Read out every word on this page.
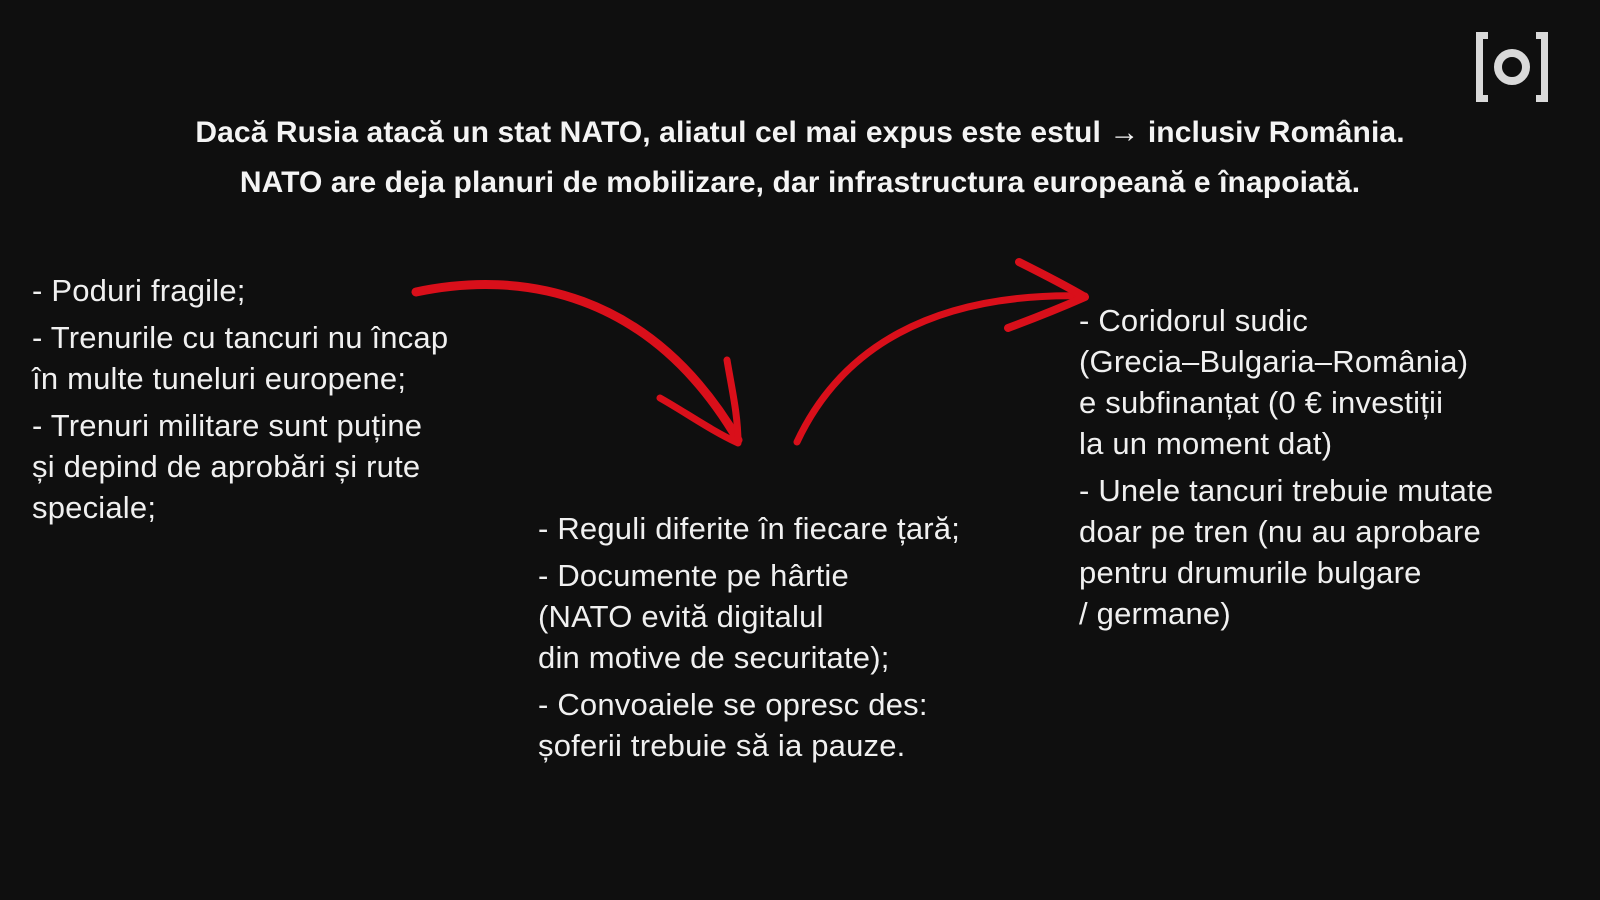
Dacă Rusia atacă un stat NATO, aliatul cel mai expus este estul → inclusiv România.
NATO are deja planuri de mobilizare, dar infrastructura europeană e înapoiată.
- Poduri fragile;
- Trenurile cu tancuri nu încap
în multe tuneluri europene;
- Trenuri militare sunt puține
și depind de aprobări și rute
speciale;
- Reguli diferite în fiecare țară;
- Documente pe hârtie
(NATO evită digitalul
din motive de securitate);
- Convoaiele se opresc des:
șoferii trebuie să ia pauze.
- Coridorul sudic
(Grecia–Bulgaria–România)
e subfinanțat (0 € investiții
la un moment dat)
- Unele tancuri trebuie mutate
doar pe tren (nu au aprobare
pentru drumurile bulgare
/ germane)
